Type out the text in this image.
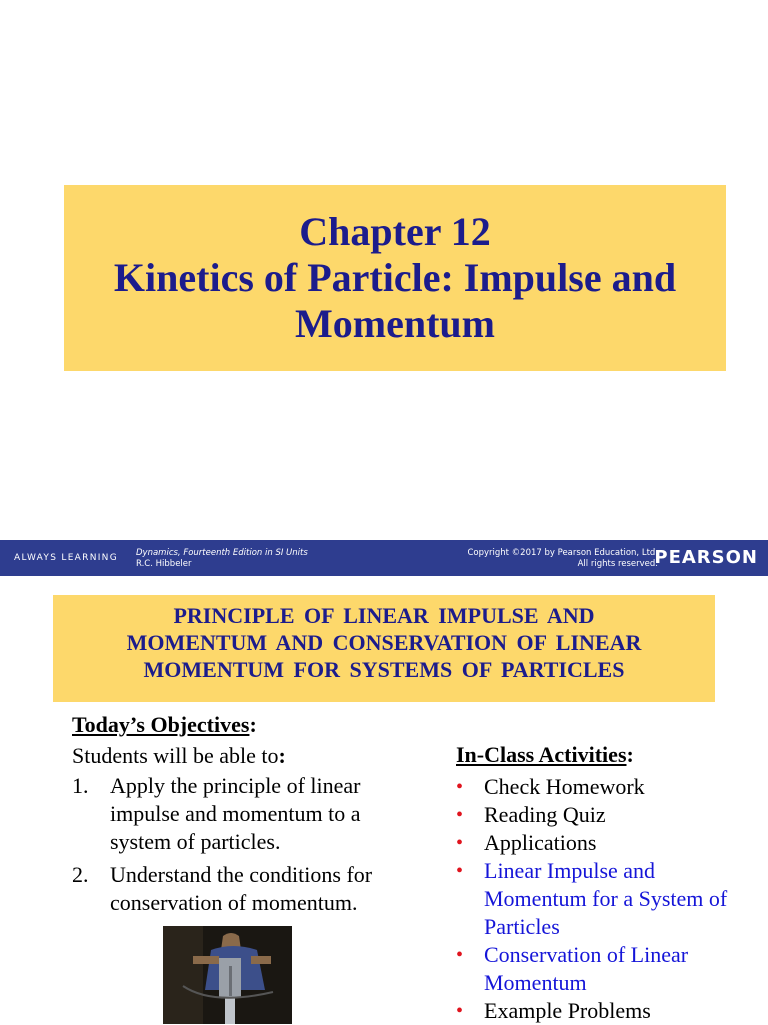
Chapter 12
Kinetics of Particle: Impulse and
Momentum
ALWAYS LEARNING Dynamics, Fourteenth Edition in SI Units
R.C. Hibbeler
Copyright ©2017 by Pearson Education, Ltd.
All rights reserved.
PEARSON
PRINCIPLE OF LINEAR IMPULSE AND
MOMENTUM AND CONSERVATION OF LINEAR
MOMENTUM FOR SYSTEMS OF PARTICLES
Today’s Objectives:
Students will be able to:
1. Apply the principle of linear impulse and momentum to a system of particles.
2. Understand the conditions for conservation of momentum.
In-Class Activities:
• Check Homework
• Reading Quiz
• Applications
• Linear Impulse and Momentum for a System of Particles
• Conservation of Linear Momentum
• Example Problems
